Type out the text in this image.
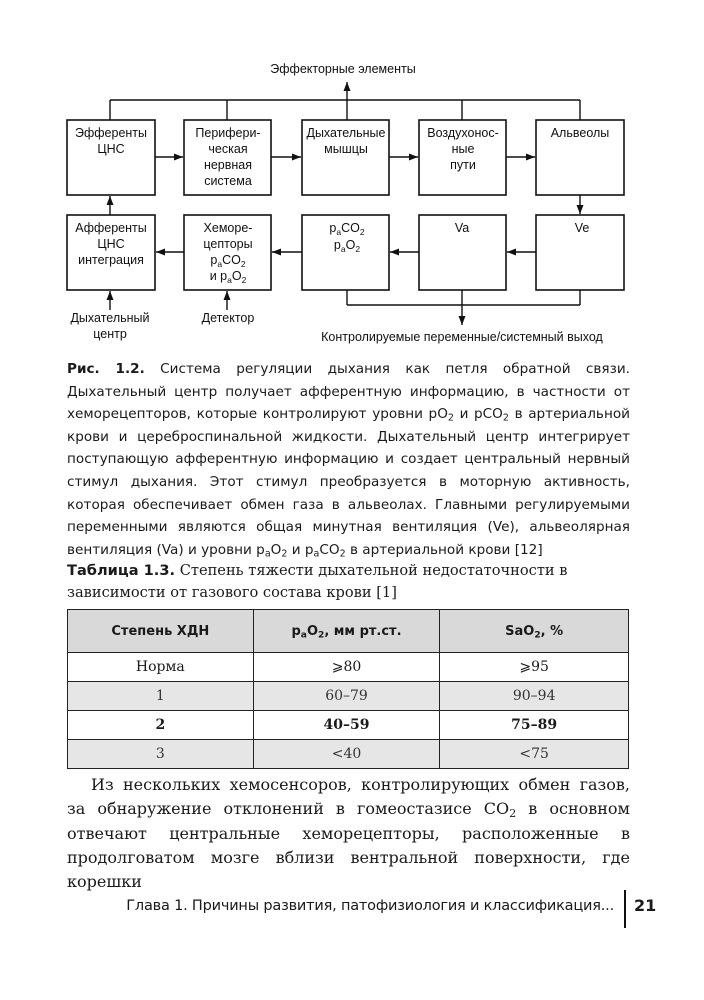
Эффекторные элементы
Эфференты ЦНС
Перифери-ческая нервная система
Дыхательные мышцы
Воздухонос-ные пути
Альвеолы
Афференты ЦНС интеграция
Хеморе-цепторы
$p_aCO_2$
и $p_aO_2$
$p_aCO_2$
$p_aO_2$
Va	Ve
Дыхательный центр
Детектор
Контролируемые переменные/системный выход
Рис. 1.2. Система регуляции дыхания как петля обратной связи. Дыхательный центр получает афферентную информацию, в частности от хеморецепторов, которые контролируют уровни $pO_2$ и pCO$_2$ в артериальной крови и цереброспинальной жидкости. Дыхательный центр интегрирует поступающую афферентную информацию и создает центральный нервный стимул дыхания. Этот стимул преобразуется в моторную активность, которая обеспечивает обмен газа в альвеолах. Главными регулируемыми переменными являются общая минутная вентиляция (Ve), альвеолярная вентиляция (Va) и уровни $p_aO_2$ и $p_aCO_2$ в артериальной крови [12]
Таблица 1.3. Степень тяжести дыхательной недостаточности в зависимости от газового состава крови [1]
Степень ХДН	$p_aO_2$, мм рт.ст.	SaO$_2$, %
Норма	⩾80	⩾95
1	60–79	90–94
2	40–59	75–89
3	<40	<75
Из нескольких хемосенсоров, контролирующих обмен газов, за обнаружение отклонений в гомеостазисе $CO_2$ в основном отвечают центральные хеморецепторы, расположенные в продолговатом мозге вблизи вентральной поверхности, где корешки
Глава 1. Причины развития, патофизиология и классификация... 21
